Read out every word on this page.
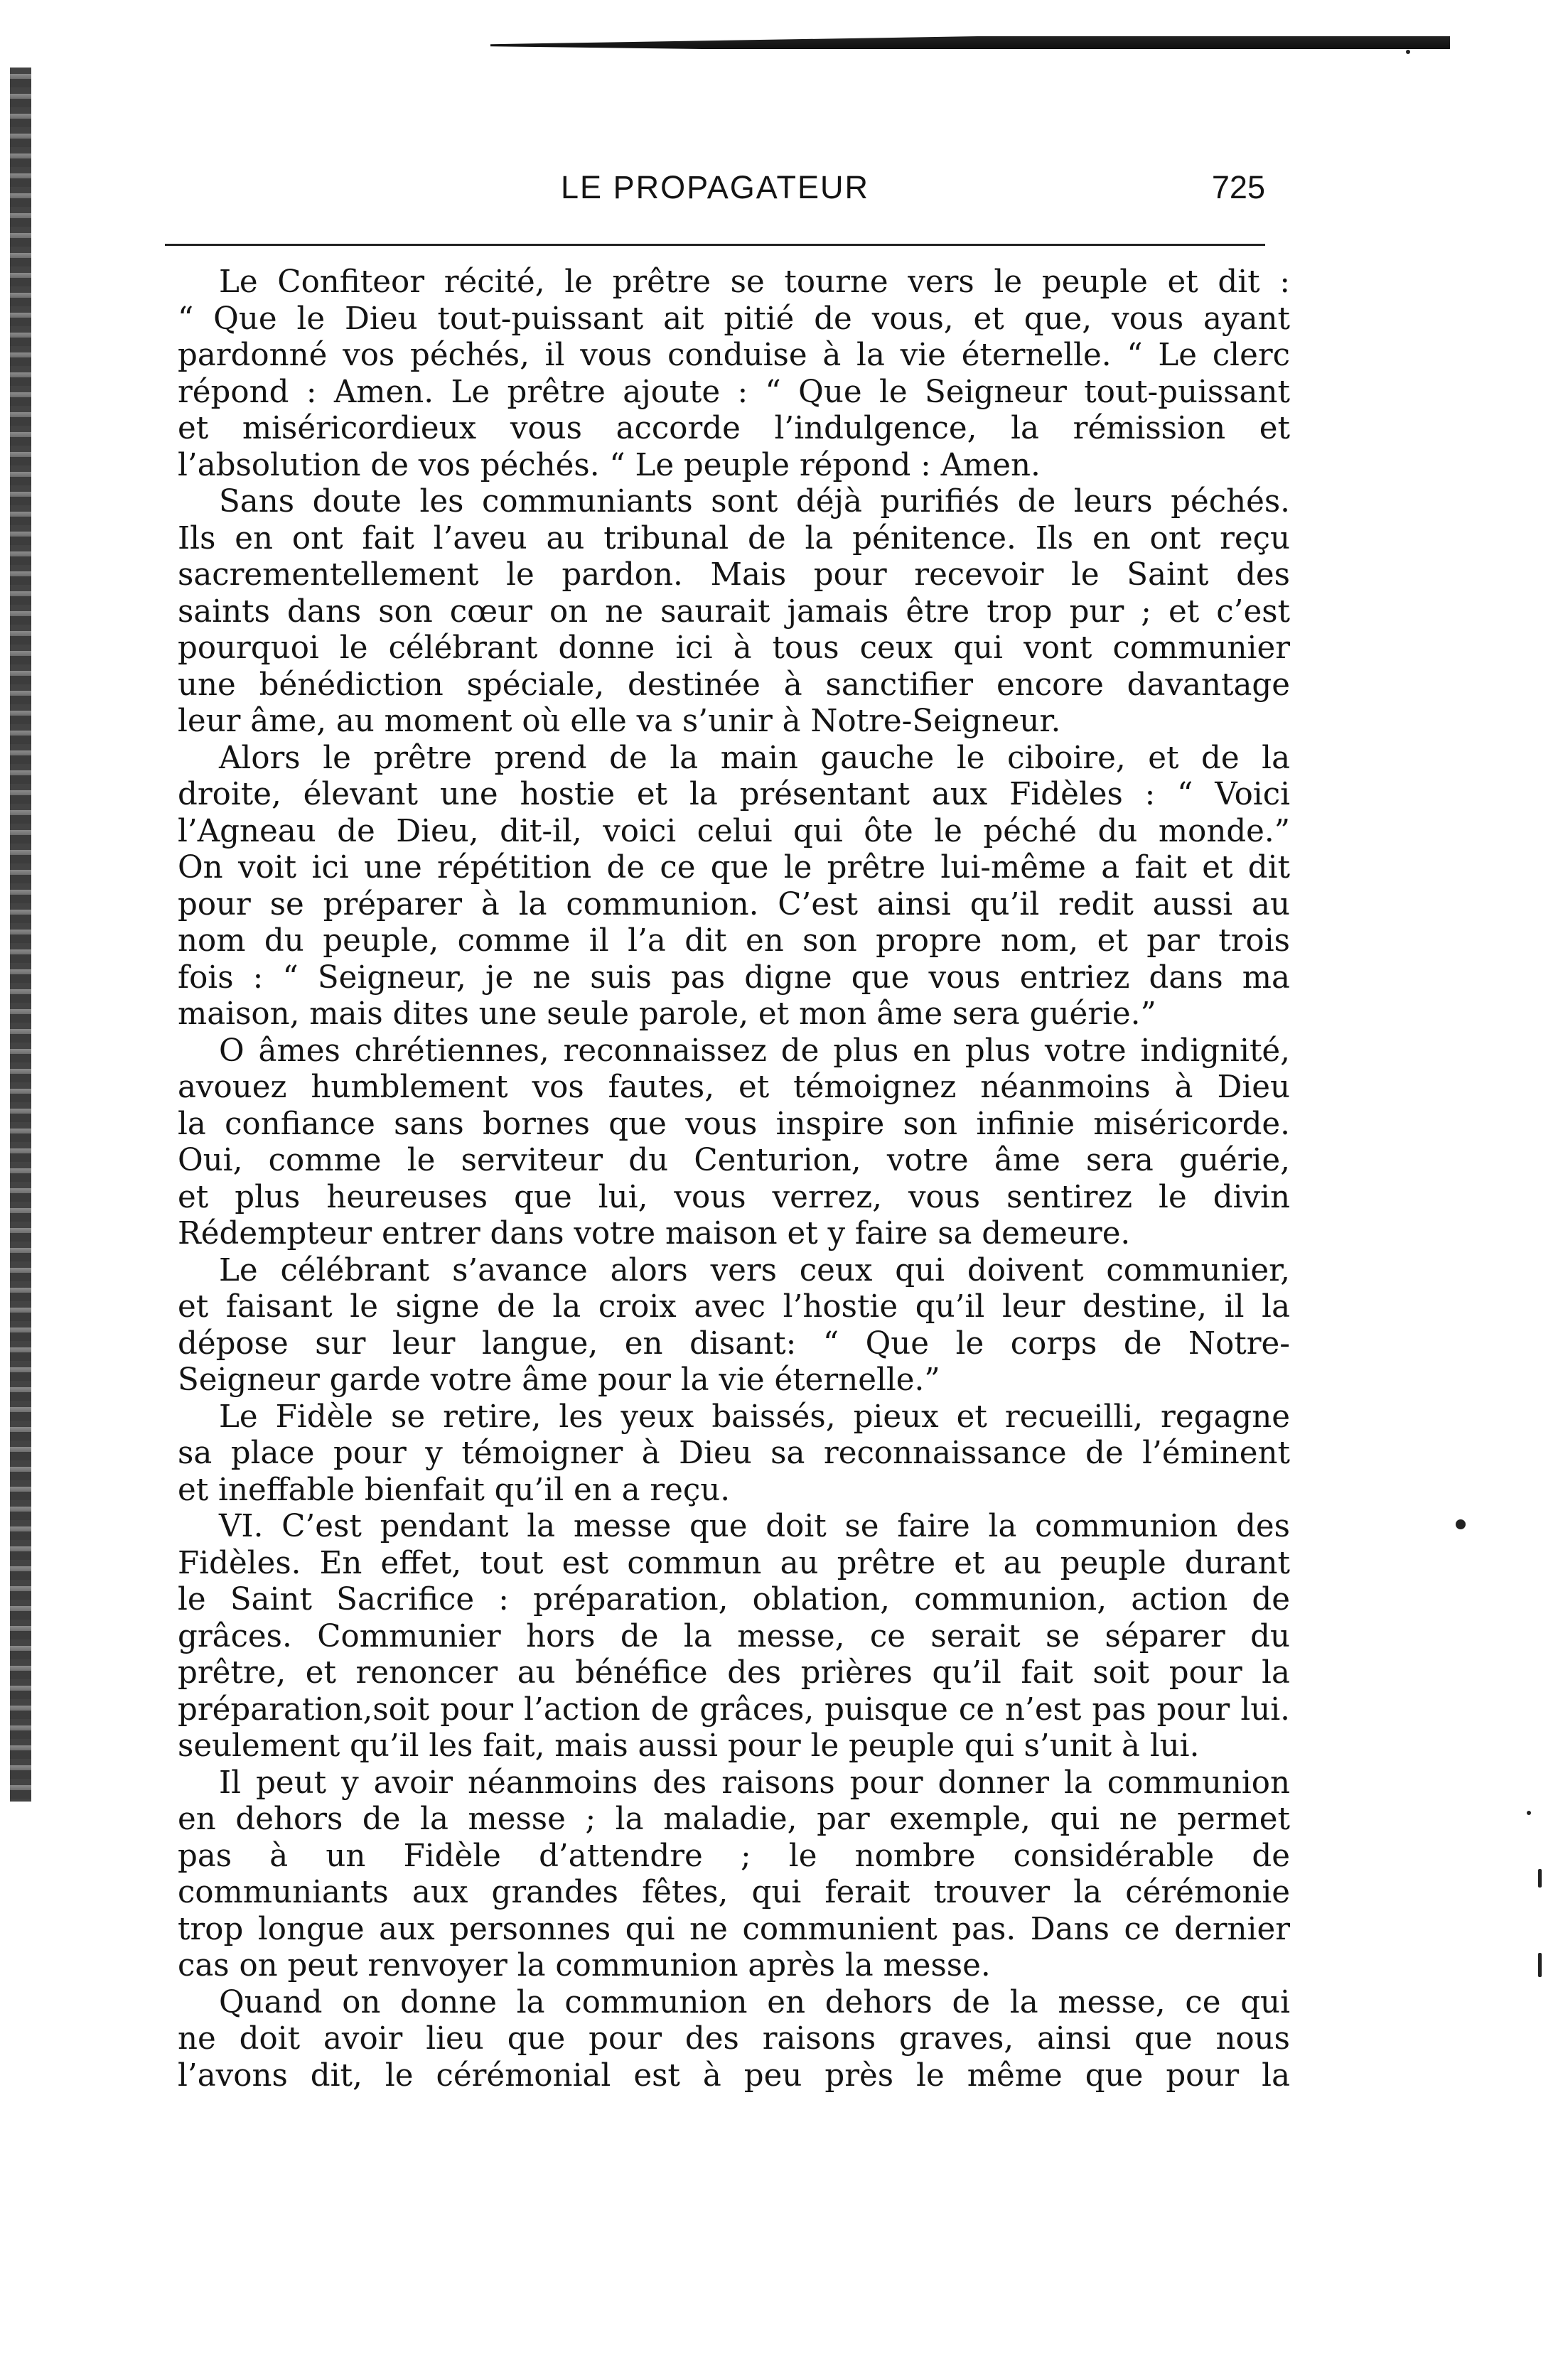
LE PROPAGATEUR	725
Le Confiteor récité, le prêtre se tourne vers le peuple et dit :
“ Que le Dieu tout-puissant ait pitié de vous, et que, vous ayant
pardonné vos péchés, il vous conduise à la vie éternelle. “ Le clerc
répond : Amen. Le prêtre ajoute : “ Que le Seigneur tout-puissant
et miséricordieux vous accorde l’indulgence, la rémission et
l’absolution de vos péchés. “ Le peuple répond : Amen.
Sans doute les communiants sont déjà purifiés de leurs péchés.
Ils en ont fait l’aveu au tribunal de la pénitence. Ils en ont reçu
sacrementellement le pardon. Mais pour recevoir le Saint des
saints dans son cœur on ne saurait jamais être trop pur ; et c’est
pourquoi le célébrant donne ici à tous ceux qui vont communier
une bénédiction spéciale, destinée à sanctifier encore davantage
leur âme, au moment où elle va s’unir à Notre-Seigneur.
Alors le prêtre prend de la main gauche le ciboire, et de la
droite, élevant une hostie et la présentant aux Fidèles : “ Voici
l’Agneau de Dieu, dit-il, voici celui qui ôte le péché du monde.”
On voit ici une répétition de ce que le prêtre lui-même a fait et dit
pour se préparer à la communion. C’est ainsi qu’il redit aussi au
nom du peuple, comme il l’a dit en son propre nom, et par trois
fois : “ Seigneur, je ne suis pas digne que vous entriez dans ma
maison, mais dites une seule parole, et mon âme sera guérie.”
O âmes chrétiennes, reconnaissez de plus en plus votre indignité,
avouez humblement vos fautes, et témoignez néanmoins à Dieu
la confiance sans bornes que vous inspire son infinie miséricorde.
Oui, comme le serviteur du Centurion, votre âme sera guérie,
et plus heureuses que lui, vous verrez, vous sentirez le divin
Rédempteur entrer dans votre maison et y faire sa demeure.
Le célébrant s’avance alors vers ceux qui doivent communier,
et faisant le signe de la croix avec l’hostie qu’il leur destine, il la
dépose sur leur langue, en disant: “ Que le corps de Notre-
Seigneur garde votre âme pour la vie éternelle.”
Le Fidèle se retire, les yeux baissés, pieux et recueilli, regagne
sa place pour y témoigner à Dieu sa reconnaissance de l’éminent
et ineffable bienfait qu’il en a reçu.
VI. C’est pendant la messe que doit se faire la communion des
Fidèles. En effet, tout est commun au prêtre et au peuple durant
le Saint Sacrifice : préparation, oblation, communion, action de
grâces. Communier hors de la messe, ce serait se séparer du
prêtre, et renoncer au bénéfice des prières qu’il fait soit pour la
préparation,soit pour l’action de grâces, puisque ce n’est pas pour lui.
seulement qu’il les fait, mais aussi pour le peuple qui s’unit à lui.
Il peut y avoir néanmoins des raisons pour donner la communion
en dehors de la messe ; la maladie, par exemple, qui ne permet
pas à un Fidèle d’attendre ; le nombre considérable de
communiants aux grandes fêtes, qui ferait trouver la cérémonie
trop longue aux personnes qui ne communient pas. Dans ce dernier
cas on peut renvoyer la communion après la messe.
Quand on donne la communion en dehors de la messe, ce qui
ne doit avoir lieu que pour des raisons graves, ainsi que nous
l’avons dit, le cérémonial est à peu près le même que pour la
